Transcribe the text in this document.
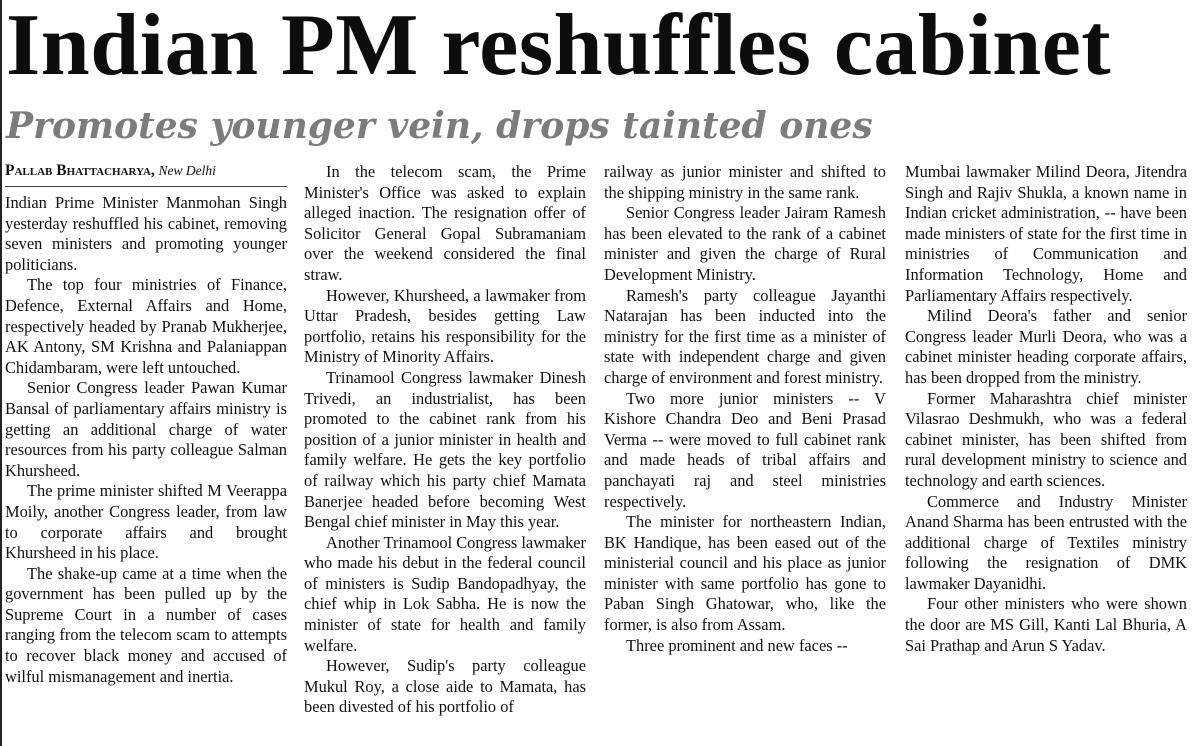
Indian PM reshuffles cabinet
Promotes younger vein, drops tainted ones
Pallab Bhattacharya, New Delhi

Indian Prime Minister Manmohan Singh yesterday reshuffled his cabinet, removing seven ministers and promoting younger politicians.

The top four ministries of Finance, Defence, External Affairs and Home, respectively headed by Pranab Mukherjee, AK Antony, SM Krishna and Palaniappan Chidambaram, were left untouched.

Senior Congress leader Pawan Kumar Bansal of parliamentary affairs ministry is getting an additional charge of water resources from his party colleague Salman Khursheed.

The prime minister shifted M Veerappa Moily, another Congress leader, from law to corporate affairs and brought Khursheed in his place.

The shake-up came at a time when the government has been pulled up by the Supreme Court in a number of cases ranging from the telecom scam to attempts to recover black money and accused of wilful mismanagement and inertia.

In the telecom scam, the Prime Minister's Office was asked to explain alleged inaction. The resignation offer of Solicitor General Gopal Subramaniam over the weekend considered the final straw.

However, Khursheed, a lawmaker from Uttar Pradesh, besides getting Law portfolio, retains his responsibility for the Ministry of Minority Affairs.

Trinamool Congress lawmaker Dinesh Trivedi, an industrialist, has been promoted to the cabinet rank from his position of a junior minister in health and family welfare. He gets the key portfolio of railway which his party chief Mamata Banerjee headed before becoming West Bengal chief minister in May this year.

Another Trinamool Congress lawmaker who made his debut in the federal council of ministers is Sudip Bandopadhyay, the chief whip in Lok Sabha. He is now the minister of state for health and family welfare.

However, Sudip's party colleague Mukul Roy, a close aide to Mamata, has been divested of his portfolio of

railway as junior minister and shifted to the shipping ministry in the same rank.

Senior Congress leader Jairam Ramesh has been elevated to the rank of a cabinet minister and given the charge of Rural Development Ministry.

Ramesh's party colleague Jayanthi Natarajan has been inducted into the ministry for the first time as a minister of state with independent charge and given charge of environment and forest ministry.

Two more junior ministers -- V Kishore Chandra Deo and Beni Prasad Verma -- were moved to full cabinet rank and made heads of tribal affairs and panchayati raj and steel ministries respectively.

The minister for northeastern Indian, BK Handique, has been eased out of the ministerial council and his place as junior minister with same portfolio has gone to Paban Singh Ghatowar, who, like the former, is also from Assam.

Three prominent and new faces --

Mumbai lawmaker Milind Deora, Jitendra Singh and Rajiv Shukla, a known name in Indian cricket administration, -- have been made ministers of state for the first time in ministries of Communication and Information Technology, Home and Parliamentary Affairs respectively.

Milind Deora's father and senior Congress leader Murli Deora, who was a cabinet minister heading corporate affairs, has been dropped from the ministry.

Former Maharashtra chief minister Vilasrao Deshmukh, who was a federal cabinet minister, has been shifted from rural development ministry to science and technology and earth sciences.

Commerce and Industry Minister Anand Sharma has been entrusted with the additional charge of Textiles ministry following the resignation of DMK lawmaker Dayanidhi.

Four other ministers who were shown the door are MS Gill, Kanti Lal Bhuria, A Sai Prathap and Arun S Yadav.
